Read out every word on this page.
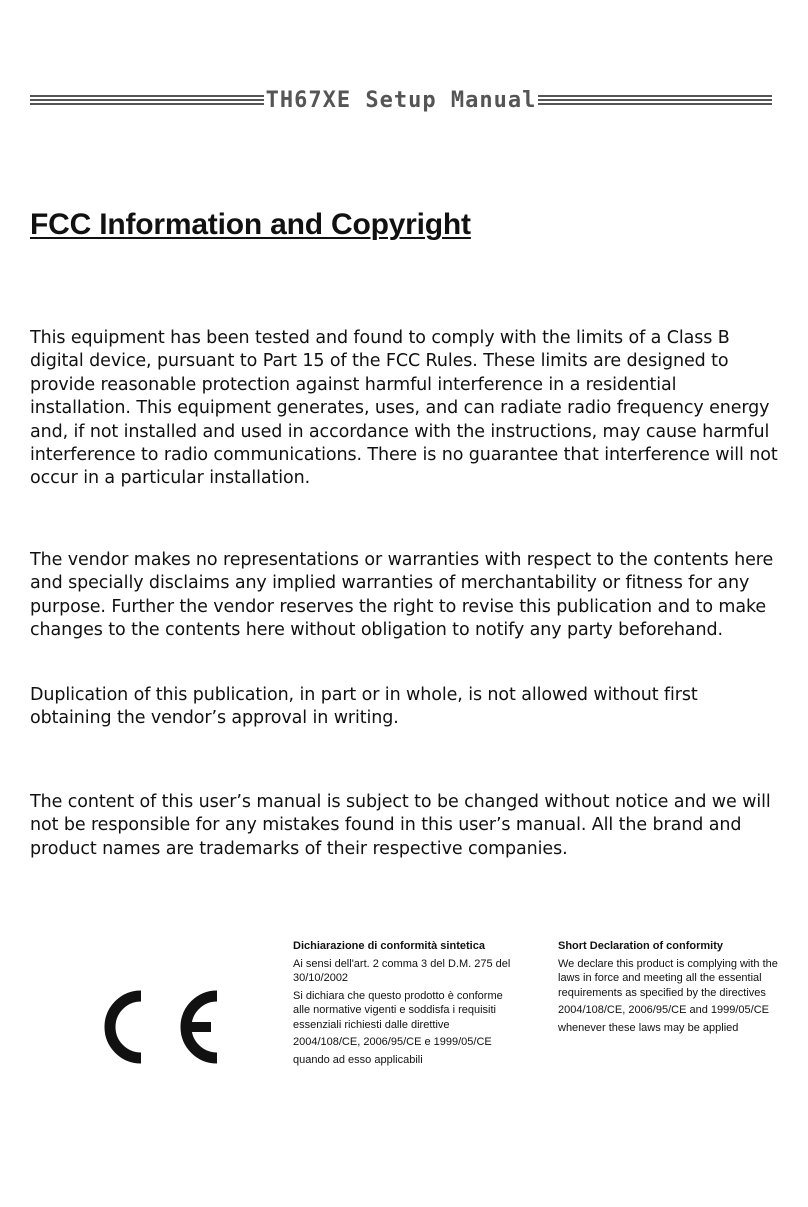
TH67XE Setup Manual
FCC Information and Copyright

This equipment has been tested and found to comply with the limits of a Class B digital device, pursuant to Part 15 of the FCC Rules. These limits are designed to provide reasonable protection against harmful interference in a residential installation. This equipment generates, uses, and can radiate radio frequency energy and, if not installed and used in accordance with the instructions, may cause harmful interference to radio communications. There is no guarantee that interference will not occur in a particular installation.

The vendor makes no representations or warranties with respect to the contents here and specially disclaims any implied warranties of merchantability or fitness for any purpose. Further the vendor reserves the right to revise this publication and to make changes to the contents here without obligation to notify any party beforehand.

Duplication of this publication, in part or in whole, is not allowed without first obtaining the vendor’s approval in writing.

The content of this user’s manual is subject to be changed without notice and we will not be responsible for any mistakes found in this user’s manual. All the brand and product names are trademarks of their respective companies.

Dichiarazione di conformità sintetica

Ai sensi dell'art. 2 comma 3 del D.M. 275 del 30/10/2002

Si dichiara che questo prodotto è conforme alle normative vigenti e soddisfa i requisiti essenziali richiesti dalle direttive

2004/108/CE, 2006/95/CE e 1999/05/CE

quando ad esso applicabili

Short Declaration of conformity

We declare this product is complying with the laws in force and meeting all the essential requirements as specified by the directives

2004/108/CE, 2006/95/CE and 1999/05/CE

whenever these laws may be applied
